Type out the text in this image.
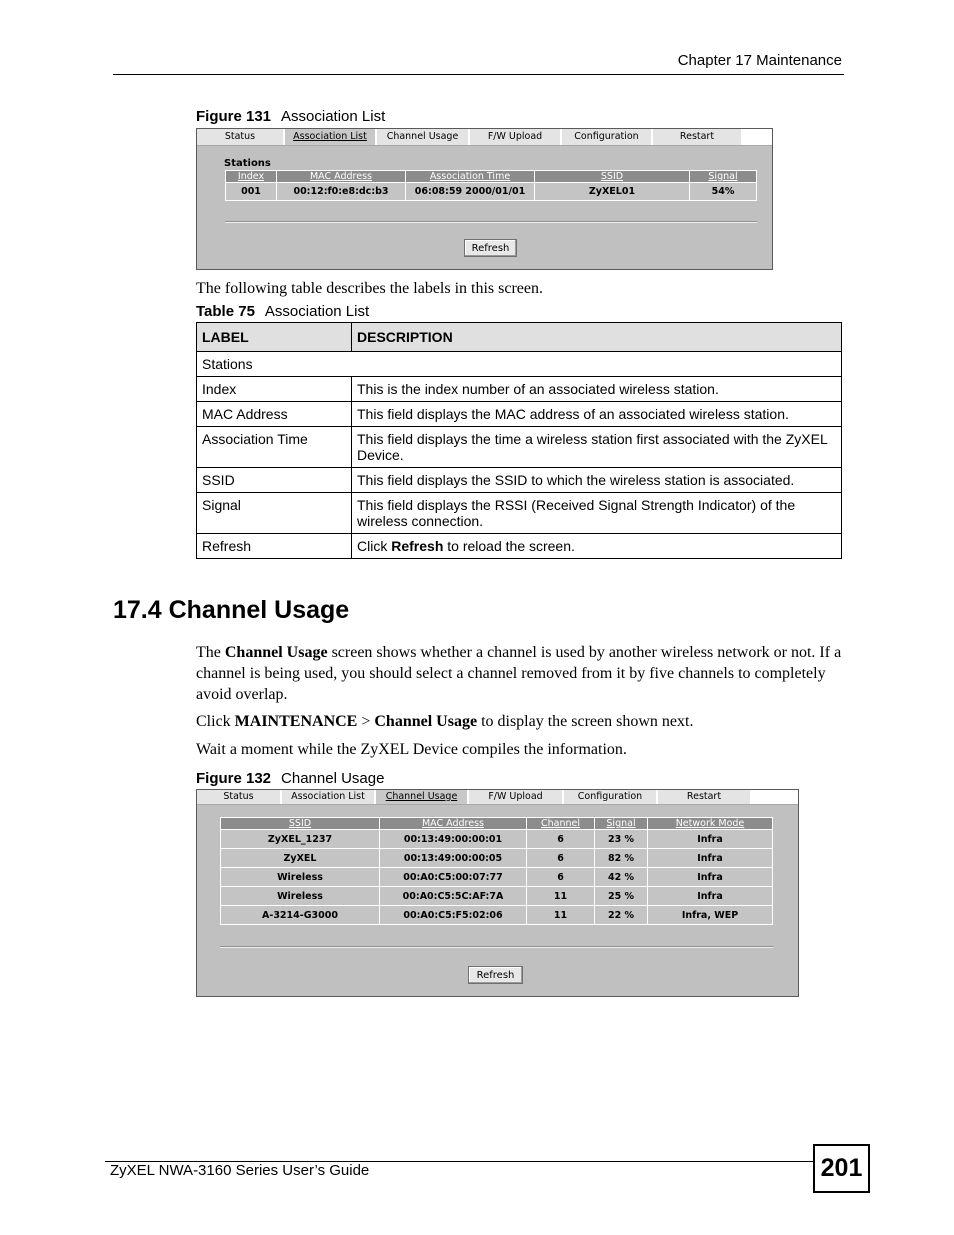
Chapter 17 Maintenance
Figure 131 Association List
Status	Association List	Channel Usage	F/W Upload	Configuration	Restart
Stations
Index	MAC Address	Association Time	SSID	Signal
001	00:12:f0:e8:dc:b3	06:08:59 2000/01/01	ZyXEL01	54%
Refresh
The following table describes the labels in this screen.
Table 75 Association List
LABEL	DESCRIPTION
Stations	
Index	This is the index number of an associated wireless station.
MAC Address	This field displays the MAC address of an associated wireless station.
Association Time	This field displays the time a wireless station first associated with the ZyXEL Device.
SSID	This field displays the SSID to which the wireless station is associated.
Signal	This field displays the RSSI (Received Signal Strength Indicator) of the wireless connection.
Refresh	Click Refresh to reload the screen.
17.4 Channel Usage
The Channel Usage screen shows whether a channel is used by another wireless network or not. If a channel is being used, you should select a channel removed from it by five channels to completely avoid overlap.
Click MAINTENANCE > Channel Usage to display the screen shown next.
Wait a moment while the ZyXEL Device compiles the information.
Figure 132 Channel Usage
Status	Association List	Channel Usage	F/W Upload	Configuration	Restart
SSID	MAC Address	Channel	Signal	Network Mode
ZyXEL_1237	00:13:49:00:00:01	6	23 %	Infra
ZyXEL	00:13:49:00:00:05	6	82 %	Infra
Wireless	00:A0:C5:00:07:77	6	42 %	Infra
Wireless	00:A0:C5:5C:AF:7A	11	25 %	Infra
A-3214-G3000	00:A0:C5:F5:02:06	11	22 %	Infra, WEP
Refresh
ZyXEL NWA-3160 Series User’s Guide	201
